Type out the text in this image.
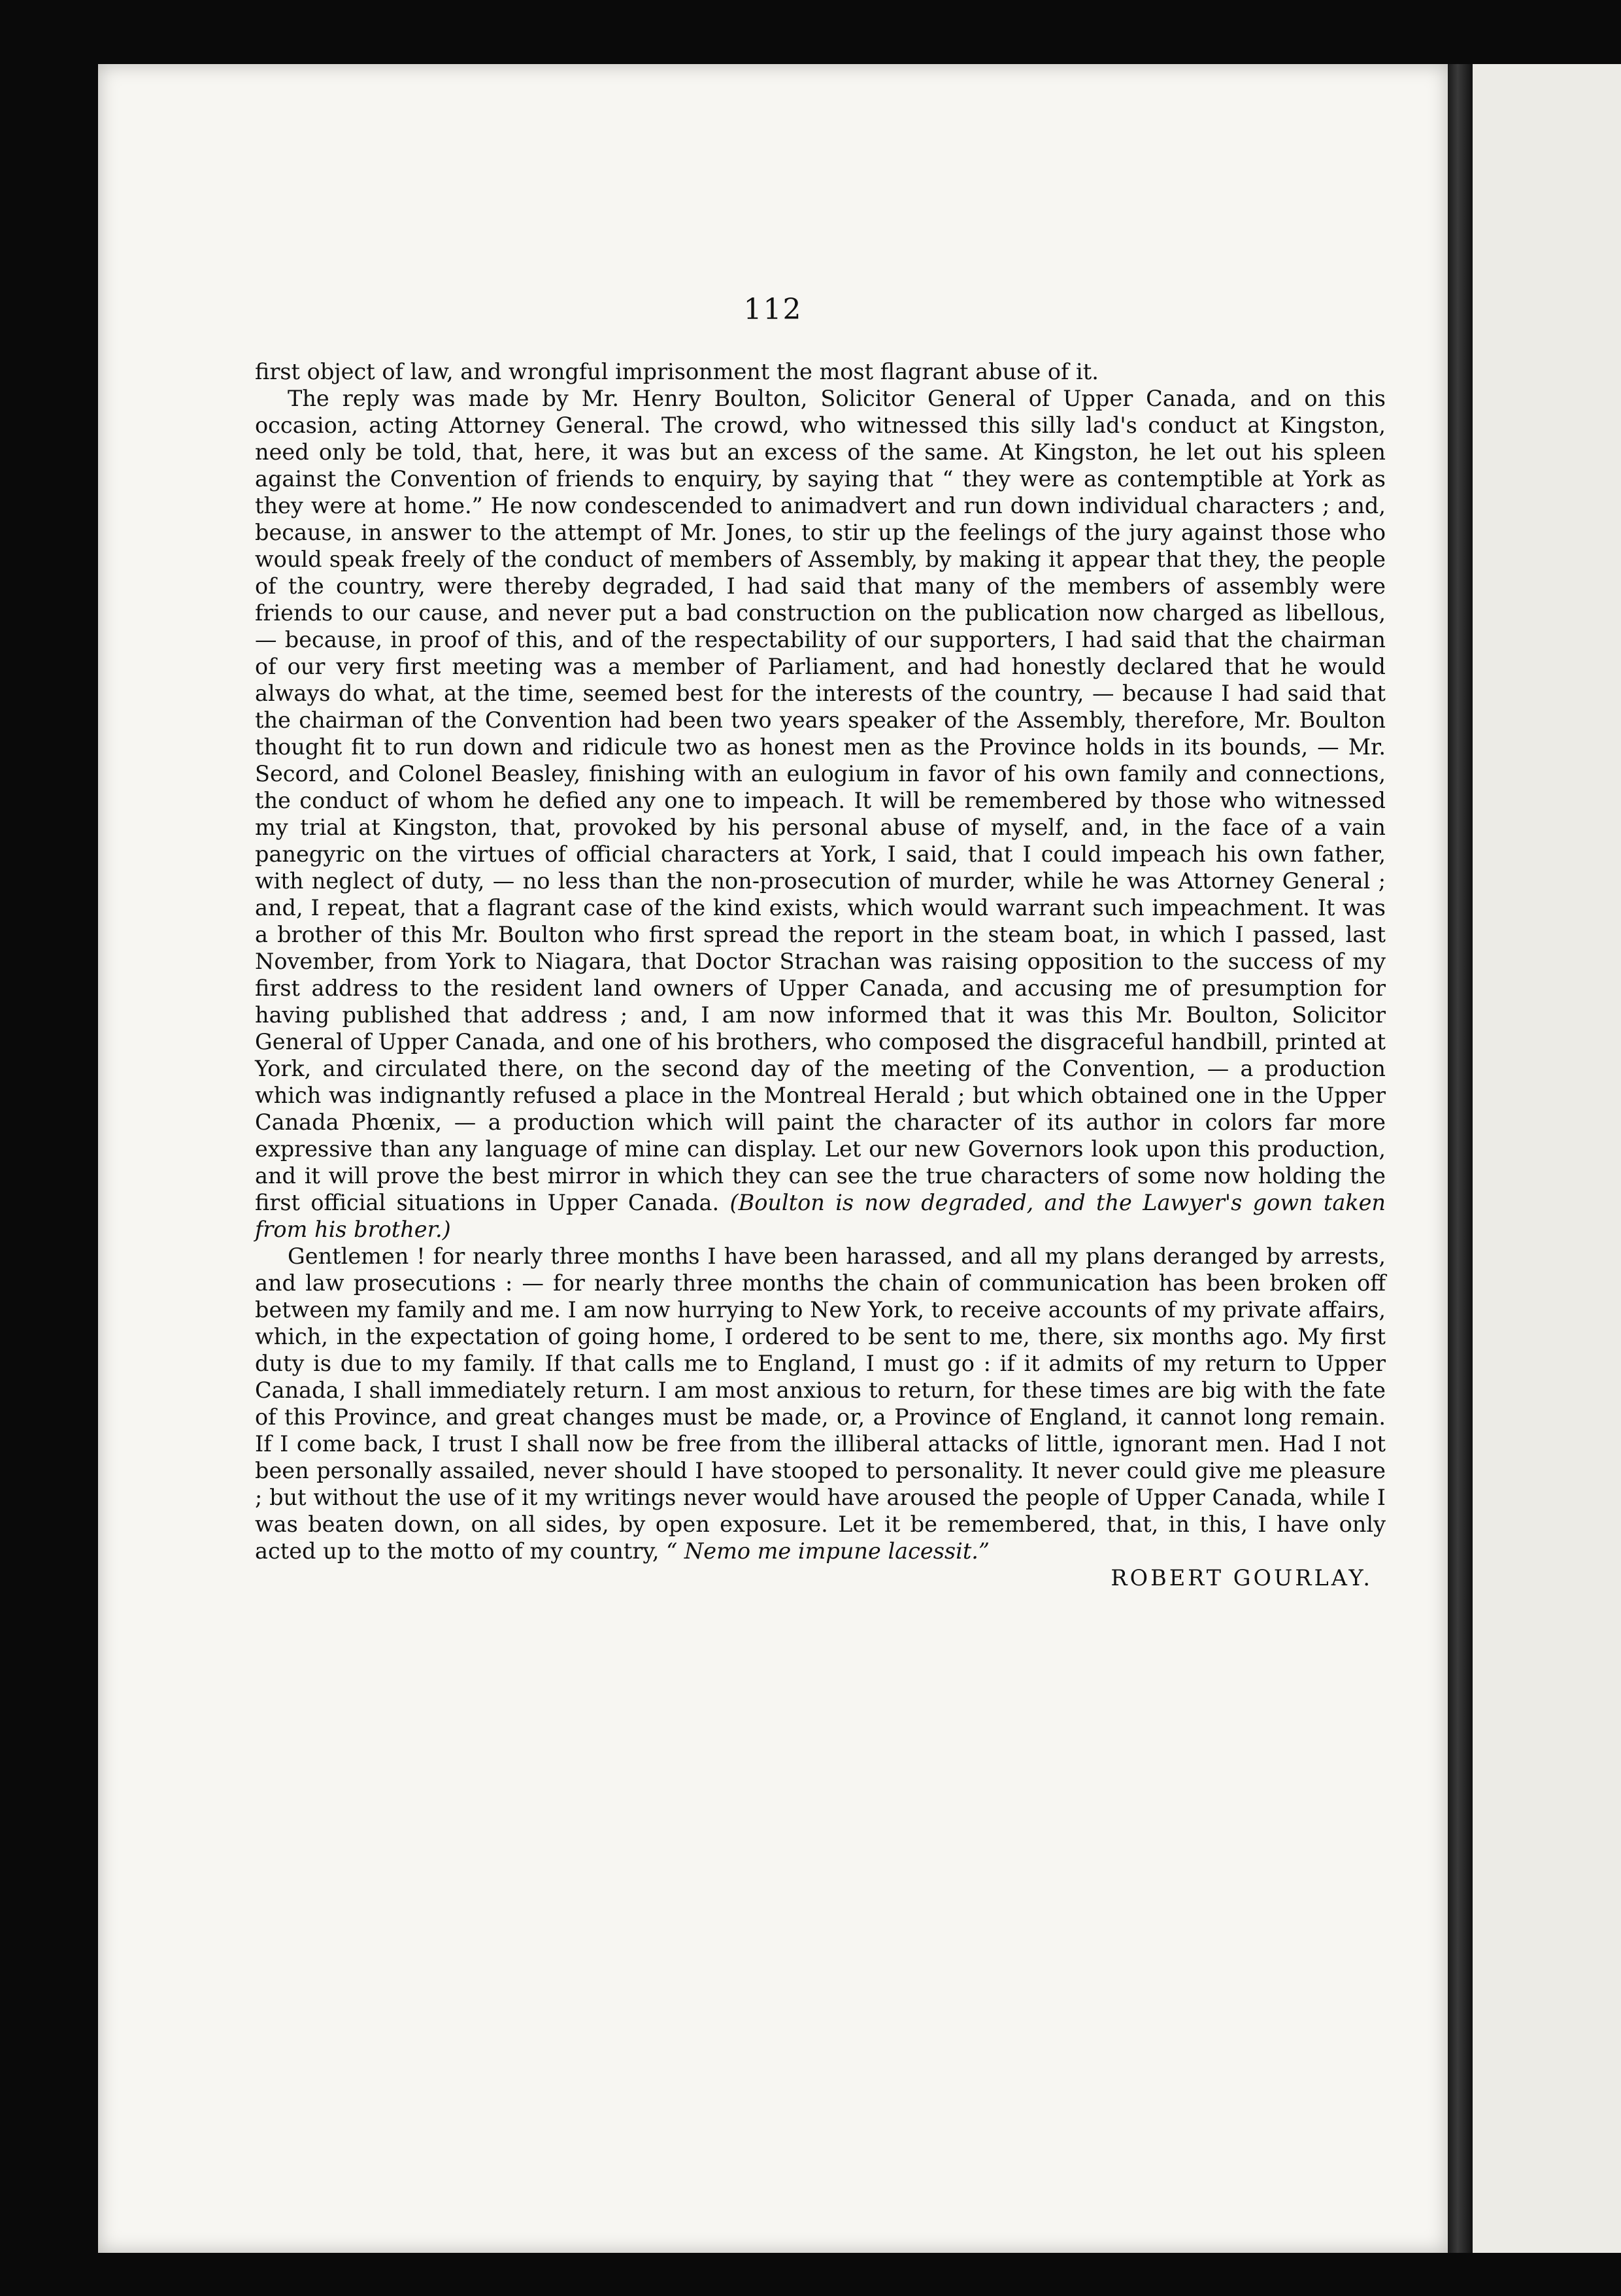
112

first object of law, and wrongful imprisonment the most flagrant abuse of it.

The reply was made by Mr. Henry Boulton, Solicitor General of Upper Canada, and on this occasion, acting Attorney General. The crowd, who witnessed this silly lad's conduct at Kingston, need only be told, that, here, it was but an excess of the same. At Kingston, he let out his spleen against the Convention of friends to enquiry, by saying that “ they were as contemptible at York as they were at home.” He now condescended to animadvert and run down individual characters ; and, because, in answer to the attempt of Mr. Jones, to stir up the feelings of the jury against those who would speak freely of the conduct of members of Assembly, by making it appear that they, the people of the country, were thereby degraded, I had said that many of the members of assembly were friends to our cause, and never put a bad construction on the publication now charged as libellous, — because, in proof of this, and of the respectability of our supporters, I had said that the chairman of our very first meeting was a member of Parliament, and had honestly declared that he would always do what, at the time, seemed best for the interests of the country, — because I had said that the chairman of the Convention had been two years speaker of the Assembly, therefore, Mr. Boulton thought fit to run down and ridicule two as honest men as the Province holds in its bounds, — Mr. Secord, and Colonel Beasley, finishing with an eulogium in favor of his own family and connections, the conduct of whom he defied any one to impeach. It will be remembered by those who witnessed my trial at Kingston, that, provoked by his personal abuse of myself, and, in the face of a vain panegyric on the virtues of official characters at York, I said, that I could impeach his own father, with neglect of duty, — no less than the non-prosecution of murder, while he was Attorney General ; and, I repeat, that a flagrant case of the kind exists, which would warrant such impeachment. It was a brother of this Mr. Boulton who first spread the report in the steam boat, in which I passed, last November, from York to Niagara, that Doctor Strachan was raising opposition to the success of my first address to the resident land owners of Upper Canada, and accusing me of presumption for having published that address ; and, I am now informed that it was this Mr. Boulton, Solicitor General of Upper Canada, and one of his brothers, who composed the disgraceful handbill, printed at York, and circulated there, on the second day of the meeting of the Convention, — a production which was indignantly refused a place in the Montreal Herald ; but which obtained one in the Upper Canada Phœnix, — a production which will paint the character of its author in colors far more expressive than any language of mine can display. Let our new Governors look upon this production, and it will prove the best mirror in which they can see the true characters of some now holding the first official situations in Upper Canada. (Boulton is now degraded, and the Lawyer's gown taken from his brother.)

Gentlemen ! for nearly three months I have been harassed, and all my plans deranged by arrests, and law prosecutions : — for nearly three months the chain of communication has been broken off between my family and me. I am now hurrying to New York, to receive accounts of my private affairs, which, in the expectation of going home, I ordered to be sent to me, there, six months ago. My first duty is due to my family. If that calls me to England, I must go : if it admits of my return to Upper Canada, I shall immediately return. I am most anxious to return, for these times are big with the fate of this Province, and great changes must be made, or, a Province of England, it cannot long remain. If I come back, I trust I shall now be free from the illiberal attacks of little, ignorant men. Had I not been personally assailed, never should I have stooped to personality. It never could give me pleasure ; but without the use of it my writings never would have aroused the people of Upper Canada, while I was beaten down, on all sides, by open exposure. Let it be remembered, that, in this, I have only acted up to the motto of my country, “ Nemo me impune lacessit.”

ROBERT GOURLAY.
